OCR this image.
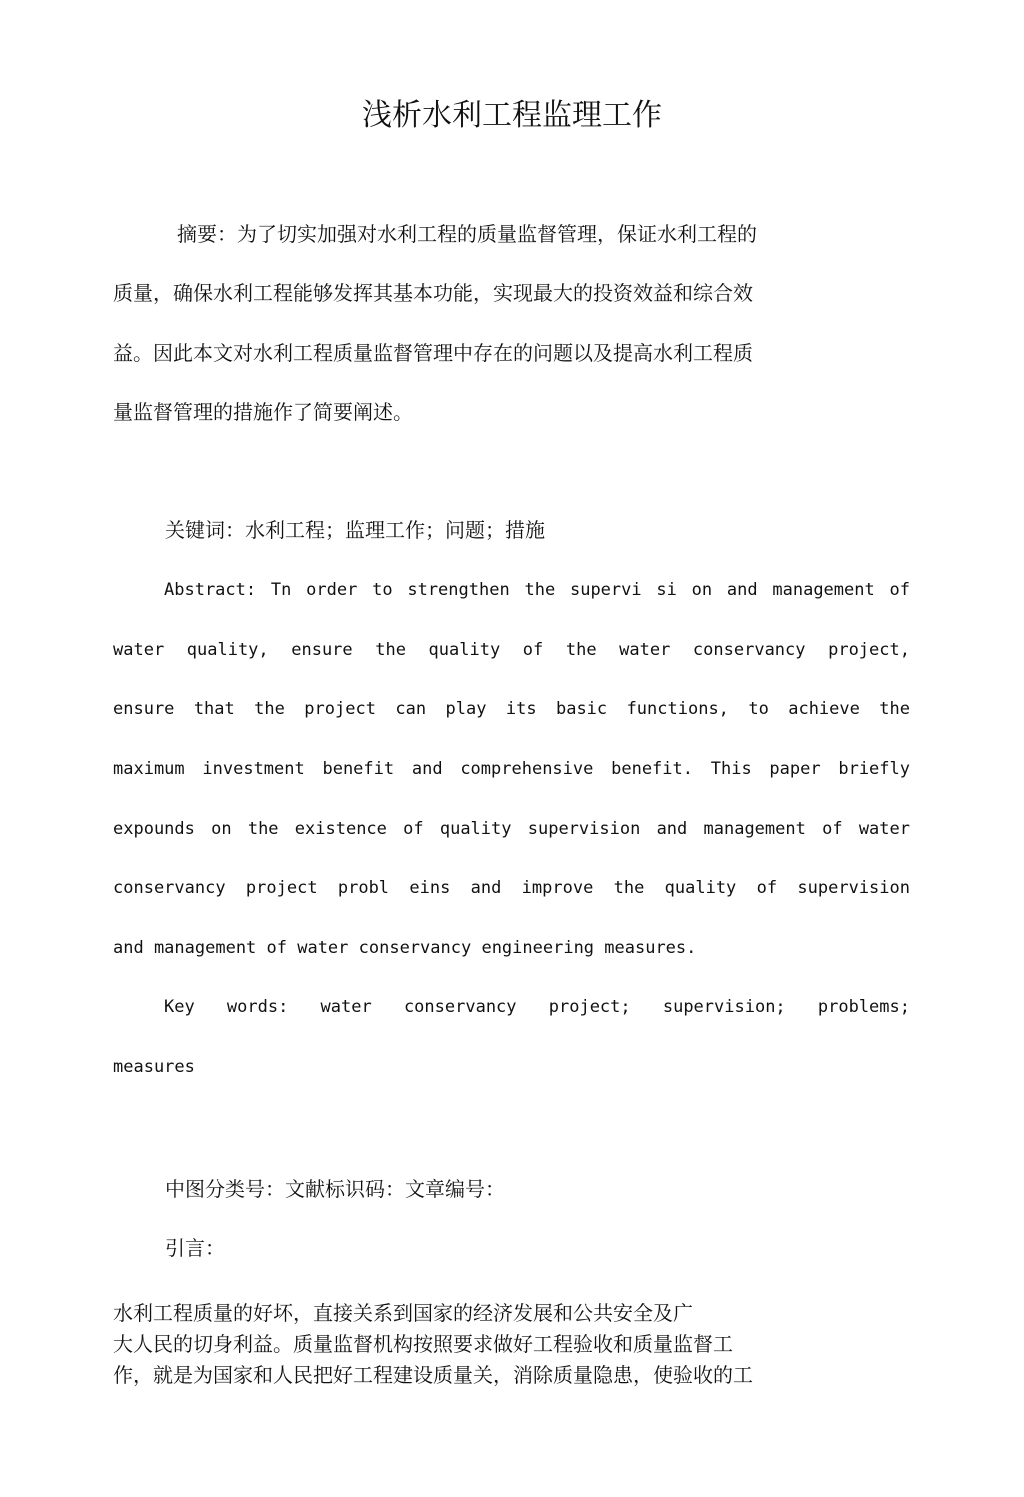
浅析水利工程监理工作
摘要：为了切实加强对水利工程的质量监督管理，保证水利工程的
质量，确保水利工程能够发挥其基本功能，实现最大的投资效益和综合效
益。因此本文对水利工程质量监督管理中存在的问题以及提高水利工程质
量监督管理的措施作了简要阐述。
关键词：水利工程；监理工作；问题；措施
Abstract: Tn order to strengthen the supervi si on and management of
water quality, ensure the quality of the water conservancy project,
ensure that the project can play its basic functions, to achieve the
maximum investment benefit and comprehensive benefit. This paper briefly
expounds on the existence of quality supervision and management of water
conservancy project probl eins and improve the quality of supervision
and management of water conservancy engineering measures.
Key words: water conservancy project; supervision; problems;
measures
中图分类号：文献标识码：文章编号：
引言：
水利工程质量的好坏，直接关系到国家的经济发展和公共安全及广
大人民的切身利益。质量监督机构按照要求做好工程验收和质量监督工
作，就是为国家和人民把好工程建设质量关，消除质量隐患，使验收的工
